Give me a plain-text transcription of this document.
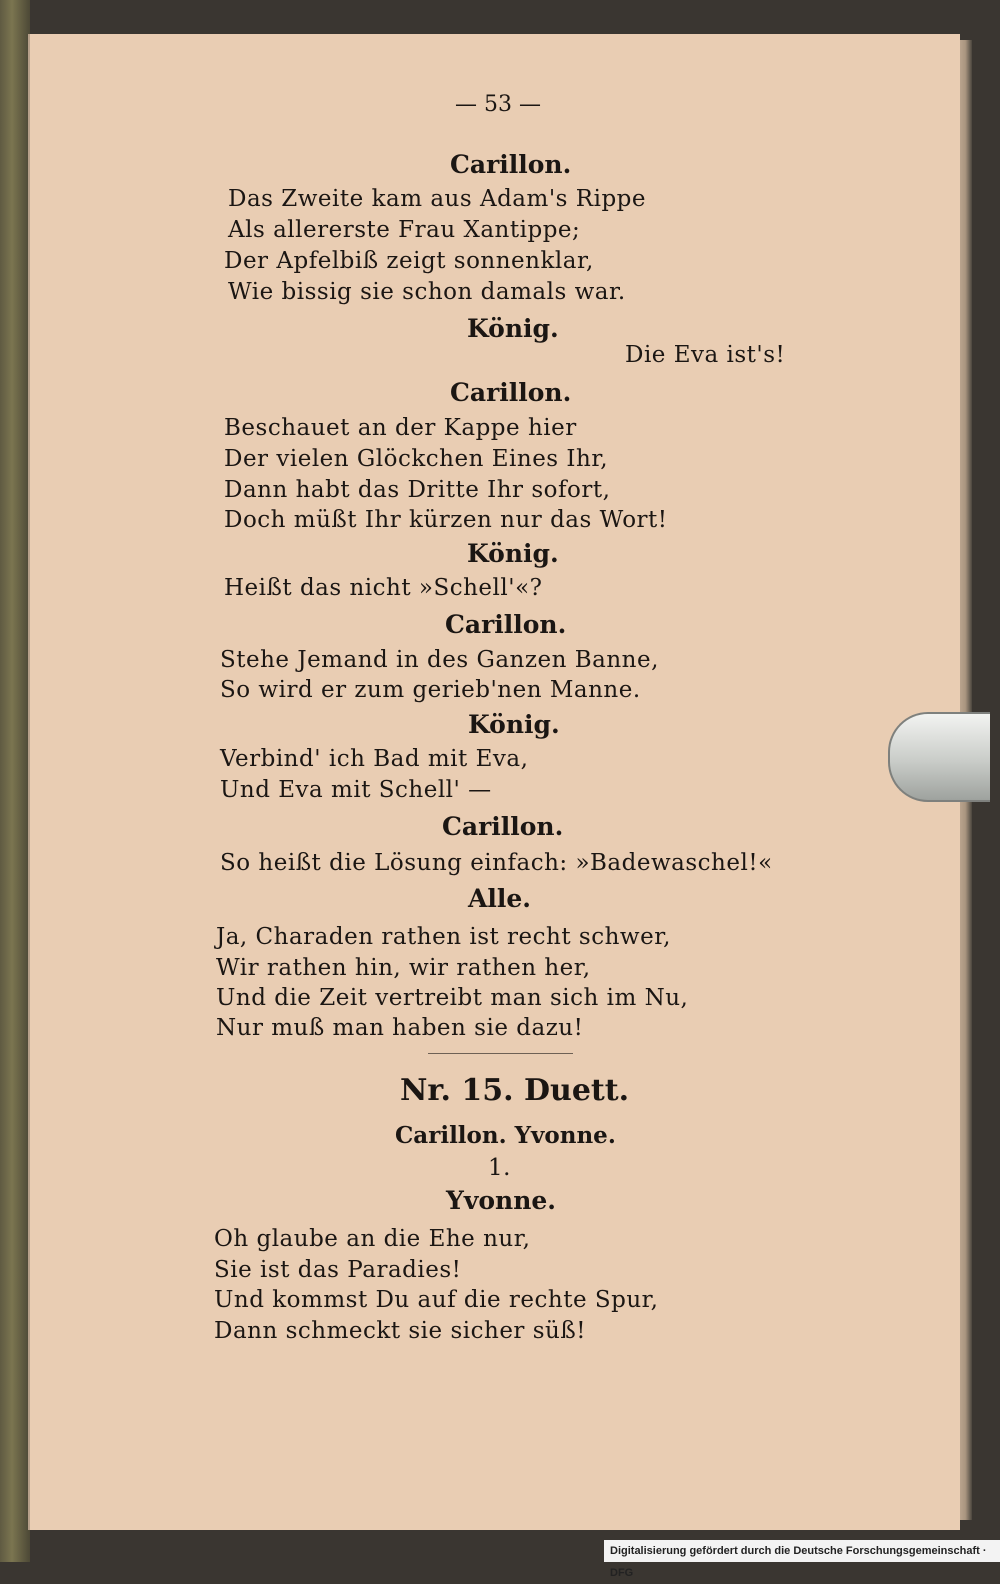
— 53 —
Carillon.
Das Zweite kam aus Adam's Rippe
Als allererste Frau Xantippe;
Der Apfelbiß zeigt sonnenklar,
Wie bissig sie schon damals war.
König.
Die Eva ist's!
Carillon.
Beschauet an der Kappe hier
Der vielen Glöckchen Eines Ihr,
Dann habt das Dritte Ihr sofort,
Doch müßt Ihr kürzen nur das Wort!
König.
Heißt das nicht »Schell'«?
Carillon.
Stehe Jemand in des Ganzen Banne,
So wird er zum gerieb'nen Manne.
König.
Verbind' ich Bad mit Eva,
Und Eva mit Schell' —
Carillon.
So heißt die Lösung einfach: »Badewaschel!«
Alle.
Ja, Charaden rathen ist recht schwer,
Wir rathen hin, wir rathen her,
Und die Zeit vertreibt man sich im Nu,
Nur muß man haben sie dazu!
Nr. 15. Duett.
Carillon. Yvonne.
1.
Yvonne.
Oh glaube an die Ehe nur,
Sie ist das Paradies!
Und kommst Du auf die rechte Spur,
Dann schmeckt sie sicher süß!
Digitalisierung gefördert durch die Deutsche Forschungsgemeinschaft · DFG
